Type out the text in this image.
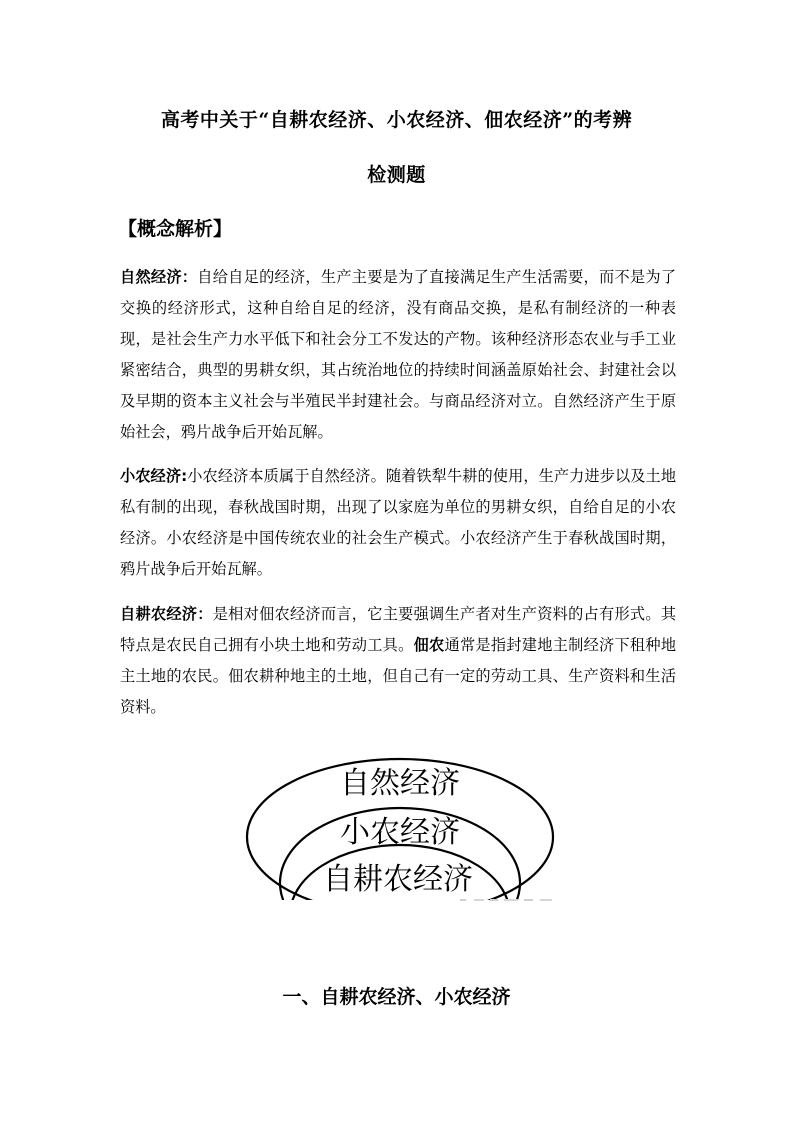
高考中关于“自耕农经济、小农经济、佃农经济”的考辨
检测题
【概念解析】
自然经济：自给自足的经济，生产主要是为了直接满足生产生活需要，而不是为了交换的经济形式，这种自给自足的经济，没有商品交换，是私有制经济的一种表现，是社会生产力水平低下和社会分工不发达的产物。该种经济形态农业与手工业紧密结合，典型的男耕女织，其占统治地位的持续时间涵盖原始社会、封建社会以及早期的资本主义社会与半殖民半封建社会。与商品经济对立。自然经济产生于原始社会，鸦片战争后开始瓦解。
小农经济:小农经济本质属于自然经济。随着铁犁牛耕的使用，生产力进步以及土地私有制的出现，春秋战国时期，出现了以家庭为单位的男耕女织，自给自足的小农经济。小农经济是中国传统农业的社会生产模式。小农经济产生于春秋战国时期，鸦片战争后开始瓦解。
自耕农经济：是相对佃农经济而言，它主要强调生产者对生产资料的占有形式。其特点是农民自己拥有小块土地和劳动工具。佃农通常是指封建地主制经济下租种地主土地的农民。佃农耕种地主的土地，但自己有一定的劳动工具、生产资料和生活资料。
自然经济
小农经济
自耕农经济
一、自耕农经济、小农经济
